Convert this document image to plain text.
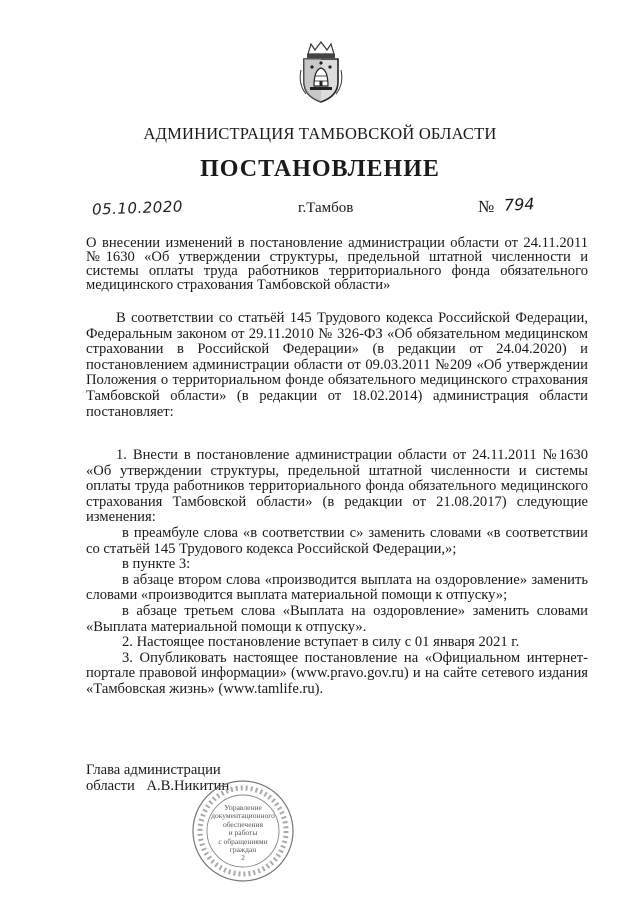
АДМИНИСТРАЦИЯ ТАМБОВСКОЙ ОБЛАСТИ
ПОСТАНОВЛЕНИЕ
05.10.2020	г.Тамбов	№ 794

О внесении изменений в постановление администрации области от 24.11.2011 №1630 «Об утверждении структуры, предельной штатной численности и системы оплаты труда работников территориального фонда обязательного медицинского страхования Тамбовской области»

В соответствии со статьёй 145 Трудового кодекса Российской Федерации, Федеральным законом от 29.11.2010 № 326-ФЗ «Об обязательном медицинском страховании в Российской Федерации» (в редакции от 24.04.2020) и постановлением администрации области от 09.03.2011 №209 «Об утверждении Положения о территориальном фонде обязательного медицинского страхования Тамбовской области» (в редакции от 18.02.2014) администрация области постановляет:

1. Внести в постановление администрации области от 24.11.2011 №1630 «Об утверждении структуры, предельной штатной численности и системы оплаты труда работников территориального фонда обязательного медицинского страхования Тамбовской области» (в редакции от 21.08.2017) следующие изменения:

в преамбуле слова «в соответствии с» заменить словами «в соответствии со статьёй 145 Трудового кодекса Российской Федерации,»;

в пункте 3:

в абзаце втором слова «производится выплата на оздоровление» заменить словами «производится выплата материальной помощи к отпуску»;

в абзаце третьем слова «Выплата на оздоровление» заменить словами «Выплата материальной помощи к отпуску».

2. Настоящее постановление вступает в силу с 01 января 2021 г.

3. Опубликовать настоящее постановление на «Официальном интернет-портале правовой информации» (www.pravo.gov.ru) и на сайте сетевого издания «Тамбовская жизнь» (www.tamlife.ru).

Глава администрации
области А.В.Никитин
Управление
документационного
обеспечения
и работы
с обращениями
граждан
2
